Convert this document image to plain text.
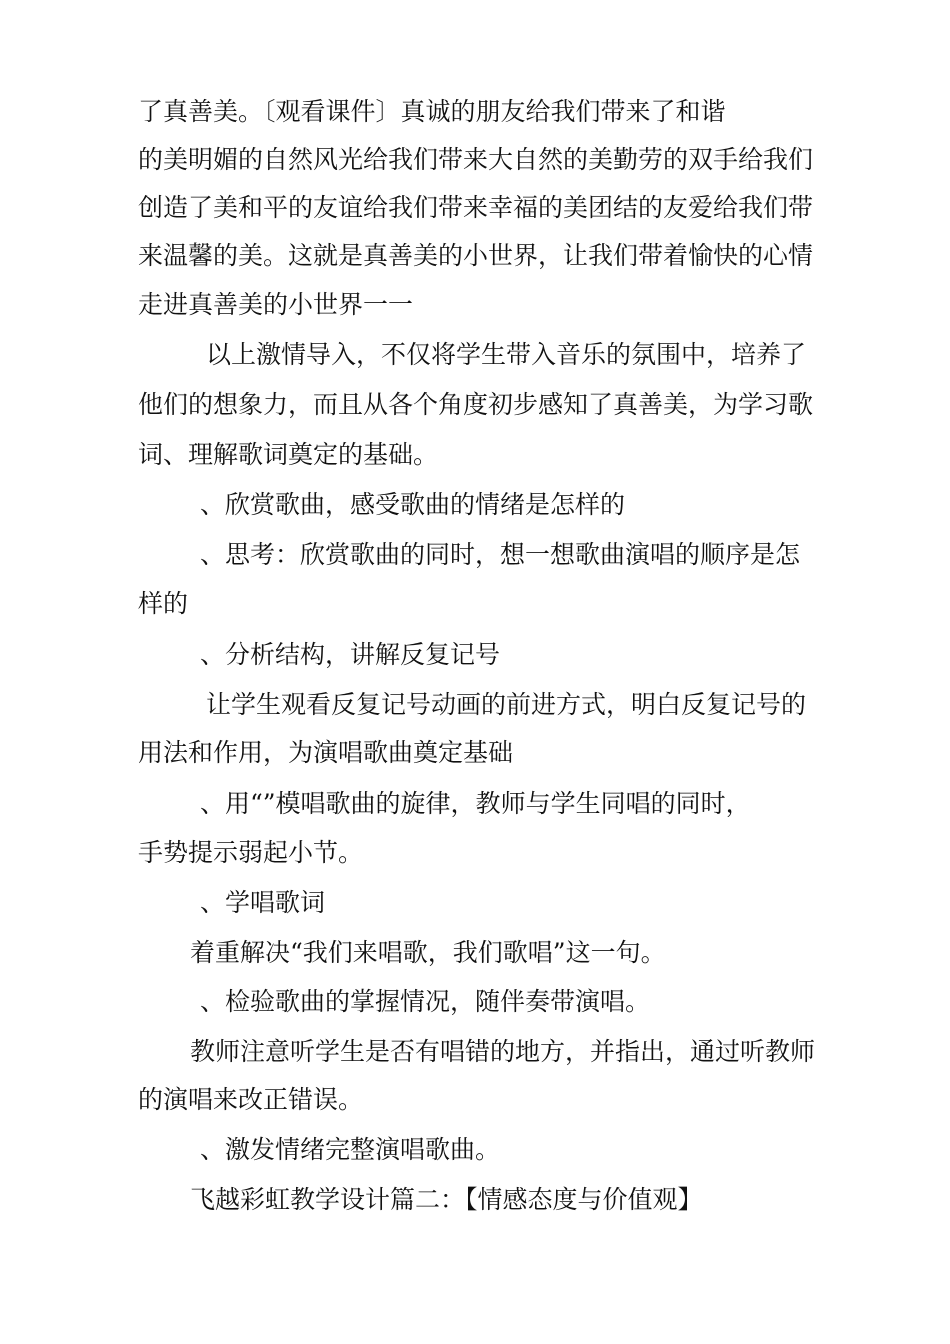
了真善美。〔观看课件〕真诚的朋友给我们带来了和谐
的美明媚的自然风光给我们带来大自然的美勤劳的双手给我们
创造了美和平的友谊给我们带来幸福的美团结的友爱给我们带
来温馨的美。这就是真善美的小世界，让我们带着愉快的心情
走进真善美的小世界一一
以上激情导入，不仅将学生带入音乐的氛围中，培养了
他们的想象力，而且从各个角度初步感知了真善美，为学习歌
词、理解歌词奠定的基础。
、欣赏歌曲，感受歌曲的情绪是怎样的
、思考：欣赏歌曲的同时，想一想歌曲演唱的顺序是怎
样的
、分析结构，讲解反复记号
让学生观看反复记号动画的前进方式，明白反复记号的
用法和作用，为演唱歌曲奠定基础
、用“”模唱歌曲的旋律，教师与学生同唱的同时，
手势提示弱起小节。
、学唱歌词
着重解决“我们来唱歌，我们歌唱”这一句。
、检验歌曲的掌握情况，随伴奏带演唱。
教师注意听学生是否有唱错的地方，并指出，通过听教师
的演唱来改正错误。
、激发情绪完整演唱歌曲。
飞越彩虹教学设计篇二：【情感态度与价值观】
